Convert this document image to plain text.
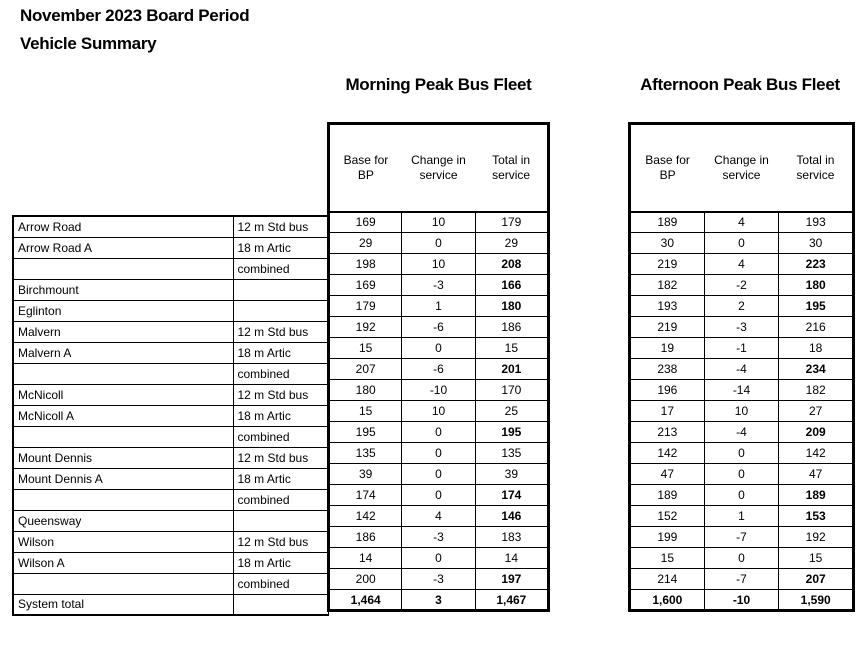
November 2023 Board Period
Vehicle Summary
Morning Peak Bus Fleet	Afternoon Peak Bus Fleet
Arrow Road	12 m Std bus
Arrow Road A	18 m Artic
	combined
Birchmount	
Eglinton	
Malvern	12 m Std bus
Malvern A	18 m Artic
	combined
McNicoll	12 m Std bus
McNicoll A	18 m Artic
	combined
Mount Dennis	12 m Std bus
Mount Dennis A	18 m Artic
	combined
Queensway	
Wilson	12 m Std bus
Wilson A	18 m Artic
	combined
System total	
Base for BP	Change in service	Total in service
169	10	179
29	0	29
198	10	208
169	-3	166
179	1	180
192	-6	186
15	0	15
207	-6	201
180	-10	170
15	10	25
195	0	195
135	0	135
39	0	39
174	0	174
142	4	146
186	-3	183
14	0	14
200	-3	197
1,464	3	1,467
Base for BP	Change in service	Total in service
189	4	193
30	0	30
219	4	223
182	-2	180
193	2	195
219	-3	216
19	-1	18
238	-4	234
196	-14	182
17	10	27
213	-4	209
142	0	142
47	0	47
189	0	189
152	1	153
199	-7	192
15	0	15
214	-7	207
1,600	-10	1,590
